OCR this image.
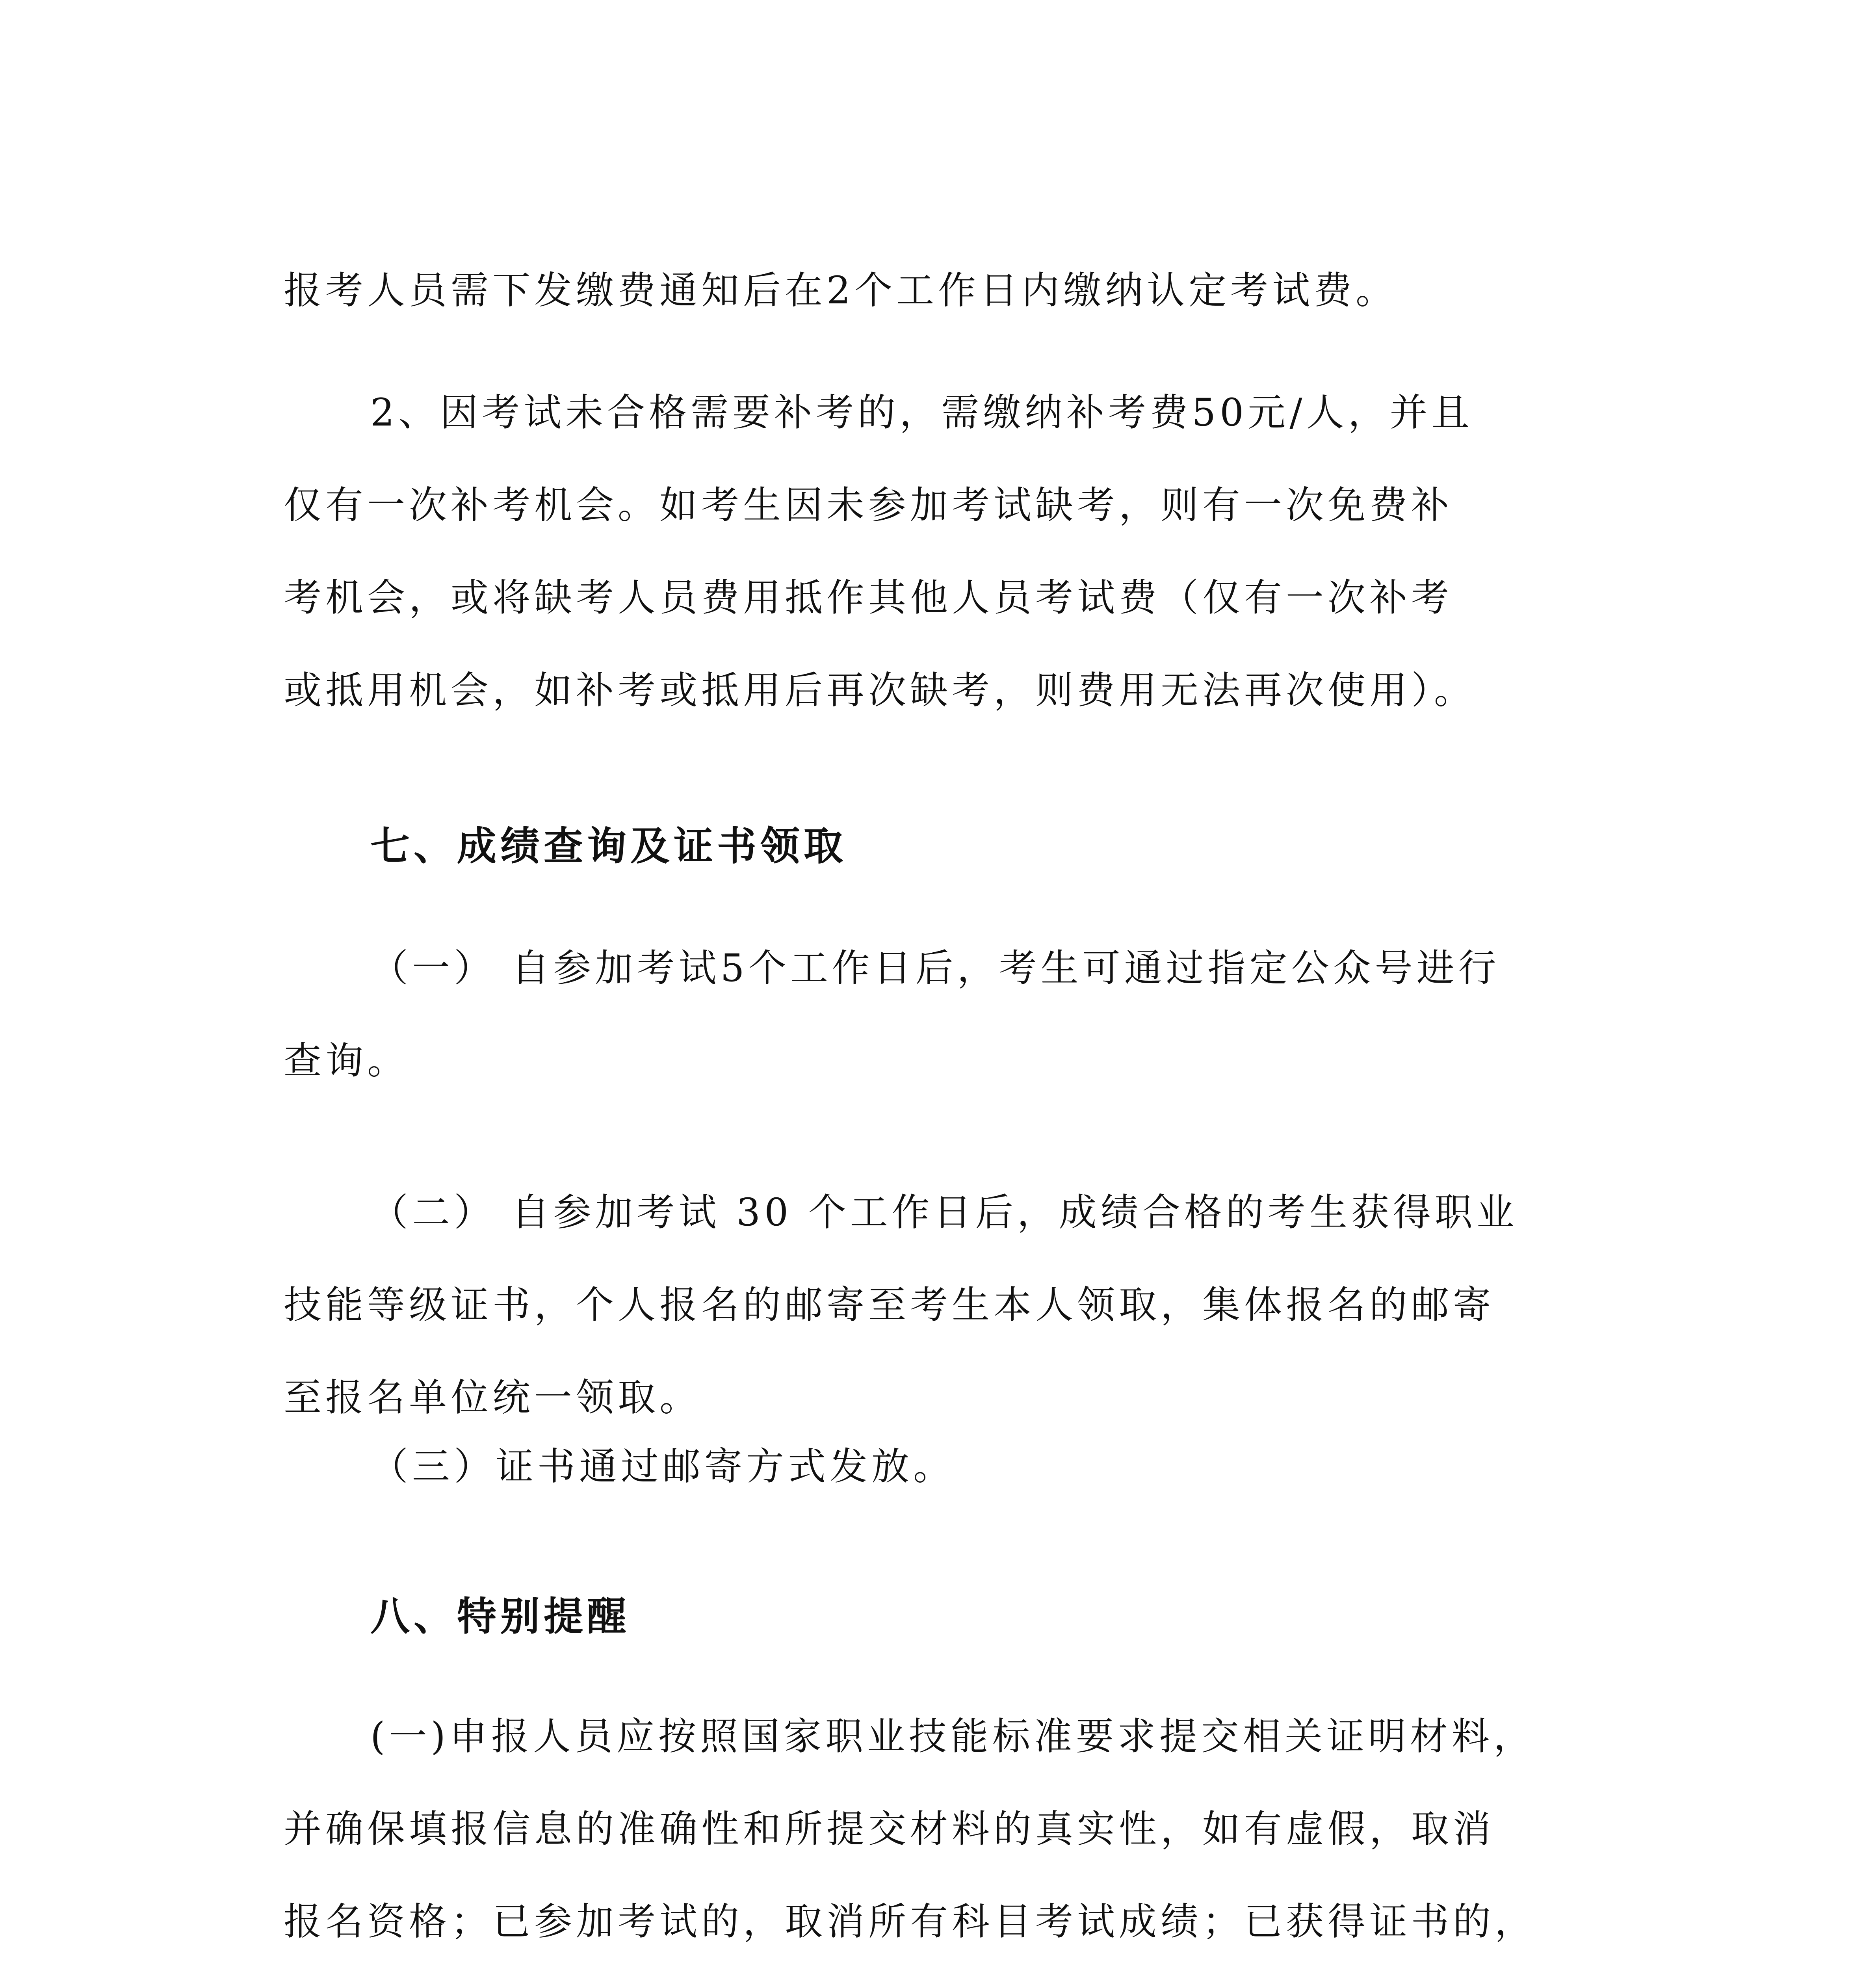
报考人员需下发缴费通知后在2个工作日内缴纳认定考试费。

2、因考试未合格需要补考的，需缴纳补考费50元/人，并且

仅有一次补考机会。如考生因未参加考试缺考，则有一次免费补

考机会，或将缺考人员费用抵作其他人员考试费（仅有一次补考

或抵用机会，如补考或抵用后再次缺考，则费用无法再次使用）。

七、成绩查询及证书领取

（一） 自参加考试5个工作日后，考生可通过指定公众号进行

查询。

（二） 自参加考试 30 个工作日后，成绩合格的考生获得职业

技能等级证书，个人报名的邮寄至考生本人领取，集体报名的邮寄

至报名单位统一领取。

（三）证书通过邮寄方式发放。

八、特别提醒

(一)申报人员应按照国家职业技能标准要求提交相关证明材料，

并确保填报信息的准确性和所提交材料的真实性，如有虚假，取消

报名资格；已参加考试的，取消所有科目考试成绩；已获得证书的，
